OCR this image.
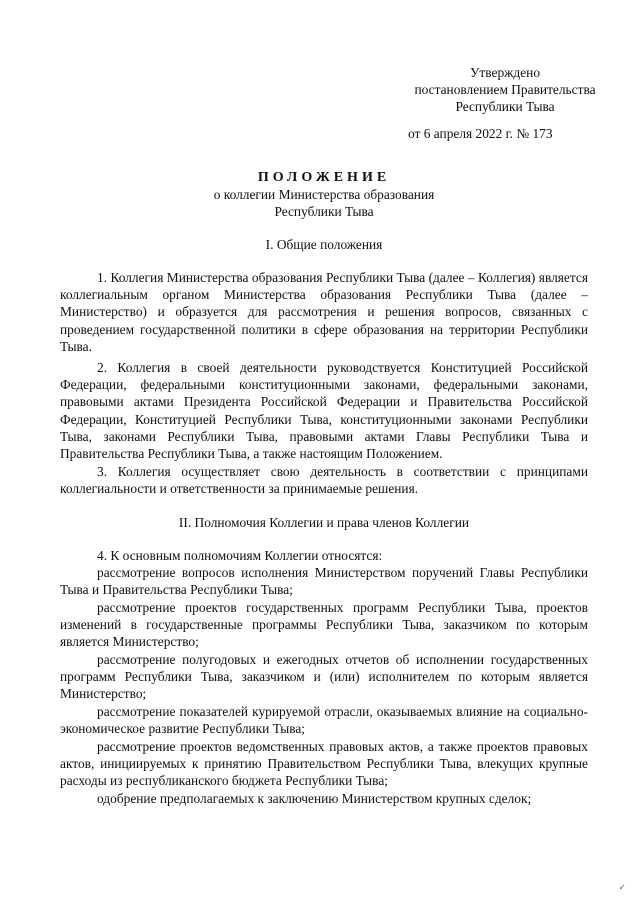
Утверждено
постановлением Правительства
Республики Тыва
от 6 апреля 2022 г. № 173
ПОЛОЖЕНИЕ
о коллегии Министерства образования
Республики Тыва
I. Общие положения
1. Коллегия Министерства образования Республики Тыва (далее – Коллегия) является коллегиальным органом Министерства образования Республики Тыва (далее – Министерство) и образуется для рассмотрения и решения вопросов, связанных с проведением государственной политики в сфере образования на территории Республики Тыва.
2. Коллегия в своей деятельности руководствуется Конституцией Российской Федерации, федеральными конституционными законами, федеральными законами, правовыми актами Президента Российской Федерации и Правительства Российской Федерации, Конституцией Республики Тыва, конституционными законами Республики Тыва, законами Республики Тыва, правовыми актами Главы Республики Тыва и Правительства Республики Тыва, а также настоящим Положением.
3. Коллегия осуществляет свою деятельность в соответствии с принципами коллегиальности и ответственности за принимаемые решения.
II. Полномочия Коллегии и права членов Коллегии
4. К основным полномочиям Коллегии относятся:
рассмотрение вопросов исполнения Министерством поручений Главы Республики Тыва и Правительства Республики Тыва;
рассмотрение проектов государственных программ Республики Тыва, проектов изменений в государственные программы Республики Тыва, заказчиком по которым является Министерство;
рассмотрение полугодовых и ежегодных отчетов об исполнении государственных программ Республики Тыва, заказчиком и (или) исполнителем по которым является Министерство;
рассмотрение показателей курируемой отрасли, оказываемых влияние на социально-экономическое развитие Республики Тыва;
рассмотрение проектов ведомственных правовых актов, а также проектов правовых актов, инициируемых к принятию Правительством Республики Тыва, влекущих крупные расходы из республиканского бюджета Республики Тыва;
одобрение предполагаемых к заключению Министерством крупных сделок;
✓
